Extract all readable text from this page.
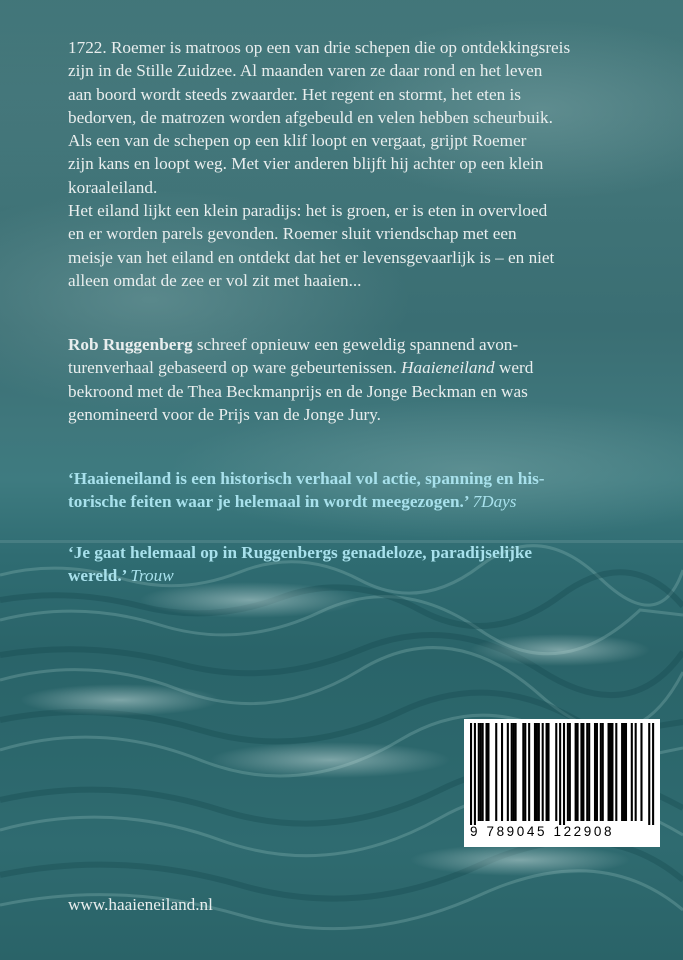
1722. Roemer is matroos op een van drie schepen die op ontdekkingsreis
zijn in de Stille Zuidzee. Al maanden varen ze daar rond en het leven
aan boord wordt steeds zwaarder. Het regent en stormt, het eten is
bedorven, de matrozen worden afgebeuld en velen hebben scheurbuik.
Als een van de schepen op een klif loopt en vergaat, grijpt Roemer
zijn kans en loopt weg. Met vier anderen blijft hij achter op een klein
koraaleiland.

Het eiland lijkt een klein paradijs: het is groen, er is eten in overvloed
en er worden parels gevonden. Roemer sluit vriendschap met een
meisje van het eiland en ontdekt dat het er levensgevaarlijk is – en niet
alleen omdat de zee er vol zit met haaien...

Rob Ruggenberg schreef opnieuw een geweldig spannend avon-
turenverhaal gebaseerd op ware gebeurtenissen. Haaieneiland werd
bekroond met de Thea Beckmanprijs en de Jonge Beckman en was
genomineerd voor de Prijs van de Jonge Jury.

‘Haaieneiland is een historisch verhaal vol actie, spanning en his-
torische feiten waar je helemaal in wordt meegezogen.’ 7Days

‘Je gaat helemaal op in Ruggenbergs genadeloze, paradijselijke
wereld.’ Trouw

www.haaieneiland.nl
9 789045 122908
